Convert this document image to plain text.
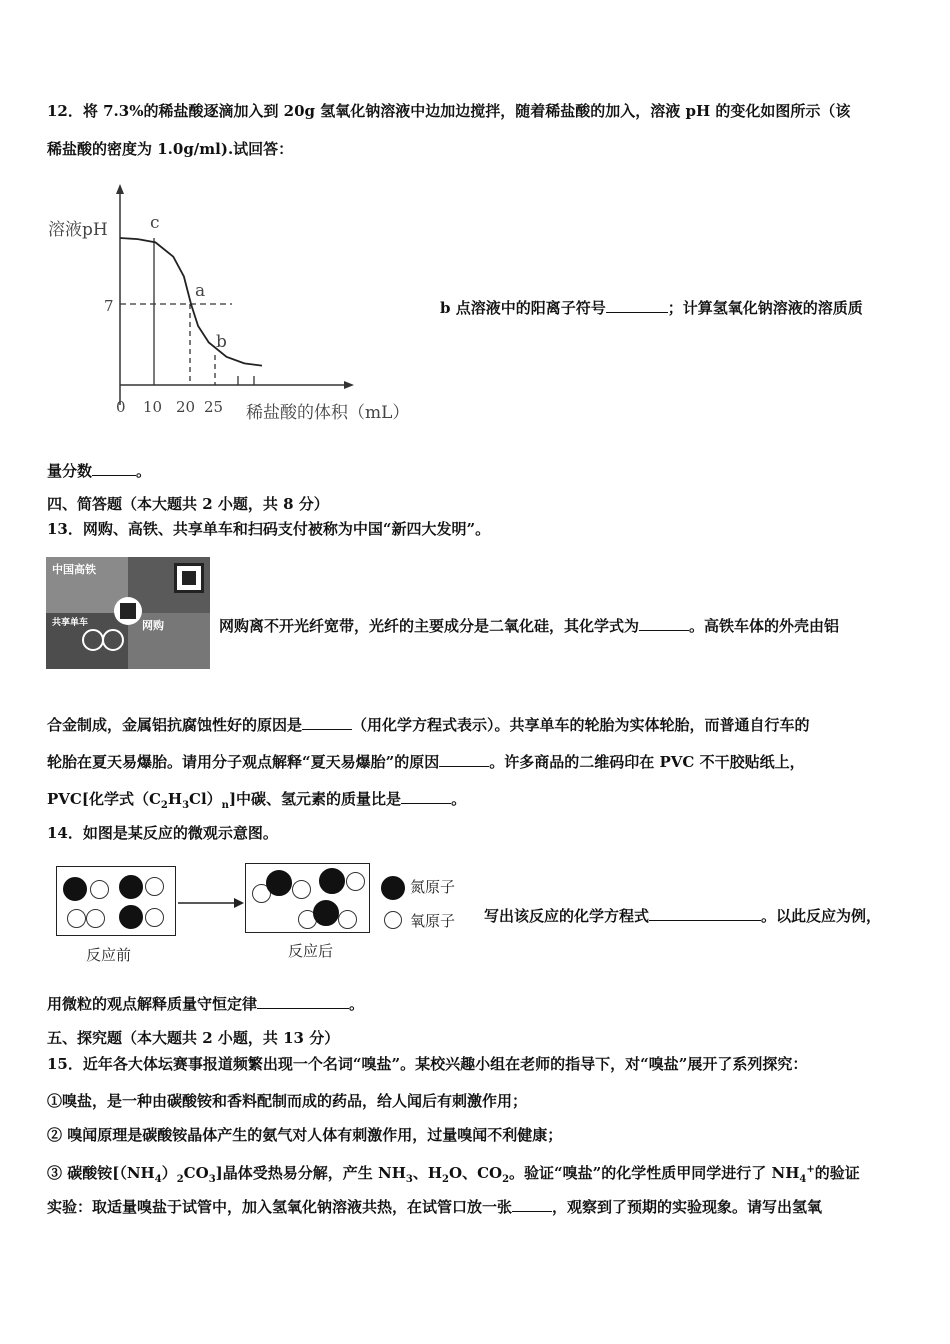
12．将 7.3%的稀盐酸逐滴加入到 20g 氢氧化钠溶液中边加边搅拌，随着稀盐酸的加入，溶液 pH 的变化如图所示（该
稀盐酸的密度为 1.0g/ml).试回答：
溶液pH
7
c
a
b
0 10 20 25 稀盐酸的体积（mL）
b 点溶液中的阳离子符号	；计算氢氧化钠溶液的溶质质
量分数	。
四、简答题（本大题共 2 小题，共 8 分）
13．网购、高铁、共享单车和扫码支付被称为中国“新四大发明”。
中国高铁
共享单车	网购	网购离不开光纤宽带，光纤的主要成分是二氧化硅，其化学式为	。高铁车体的外壳由铝
合金制成，金属铝抗腐蚀性好的原因是	（用化学方程式表示）。共享单车的轮胎为实体轮胎，而普通自行车的
轮胎在夏天易爆胎。请用分子观点解释“夏天易爆胎”的原因	。许多商品的二维码印在 PVC 不干胶贴纸上，
PVC[化学式$(C_2H_3Cl)_n$]中碳、氢元素的质量比是	。
14．如图是某反应的微观示意图。
反应前	反应后
氮原子
氧原子 写出该反应的化学方程式	。以此反应为例，
用微粒的观点解释质量守恒定律	。
五、探究题（本大题共 2 小题，共 13 分）
15．近年各大体坛赛事报道频繁出现一个名词“嗅盐”。某校兴趣小组在老师的指导下，对“嗅盐”展开了系列探究：
①嗅盐，是一种由碳酸铵和香料配制而成的药品，给人闻后有刺激作用；
② 嗅闻原理是碳酸铵晶体产生的氨气对人体有刺激作用，过量嗅闻不利健康；
③ 碳酸铵$[(NH_4)_2CO_3]$晶体受热易分解，产生 $NH_3$、$H_2O$、$CO_2$。验证“嗅盐”的化学性质甲同学进行了 $NH_4^+$的验证
实验：取适量嗅盐于试管中，加入氢氧化钠溶液共热，在试管口放一张	，观察到了预期的实验现象。请写出氢氧
